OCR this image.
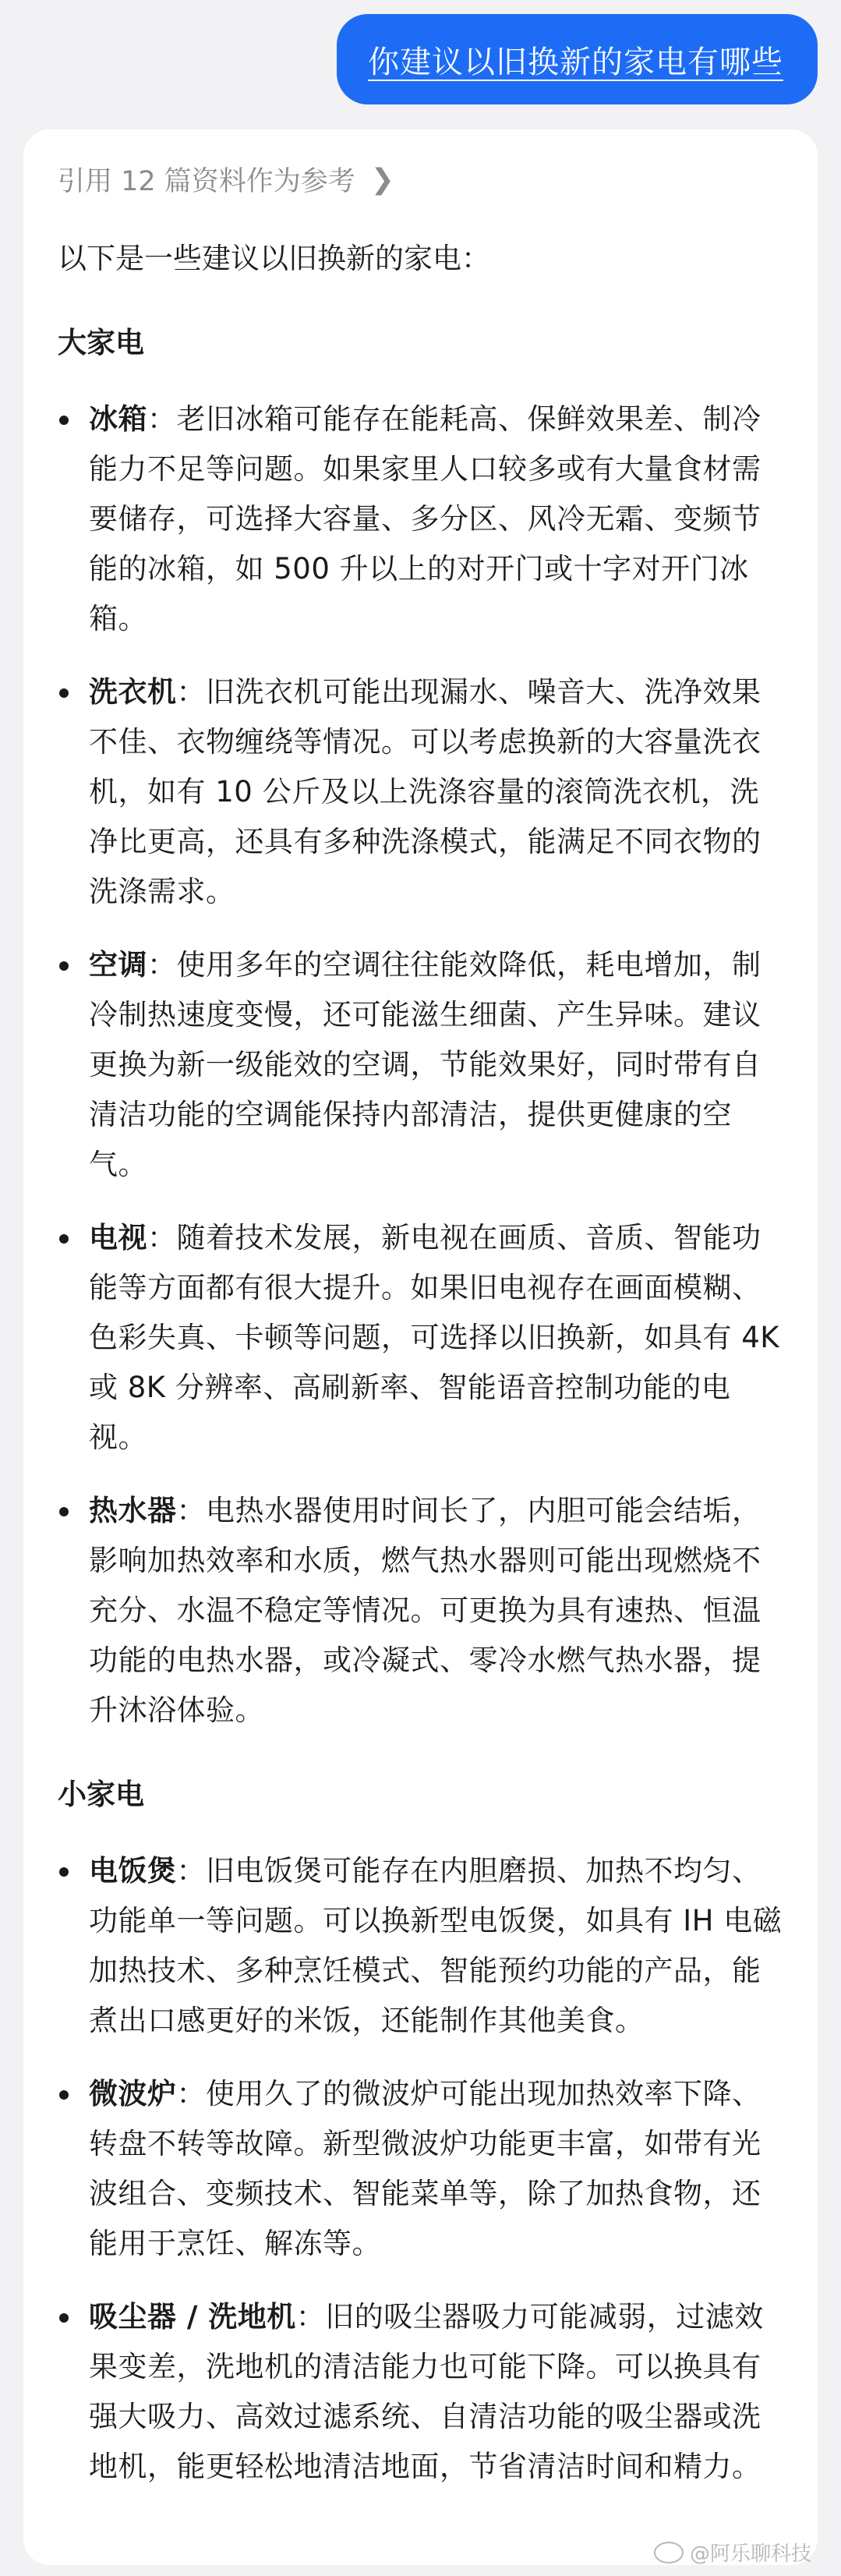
你建议以旧换新的家电有哪些
引用 12 篇资料作为参考 ❯
以下是一些建议以旧换新的家电：
大家电
冰箱：老旧冰箱可能存在能耗高、保鲜效果差、制冷能力不足等问题。如果家里人口较多或有大量食材需要储存，可选择大容量、多分区、风冷无霜、变频节能的冰箱，如 500 升以上的对开门或十字对开门冰箱。
洗衣机：旧洗衣机可能出现漏水、噪音大、洗净效果不佳、衣物缠绕等情况。可以考虑换新的大容量洗衣机，如有 10 公斤及以上洗涤容量的滚筒洗衣机，洗净比更高，还具有多种洗涤模式，能满足不同衣物的洗涤需求。
空调：使用多年的空调往往能效降低，耗电增加，制冷制热速度变慢，还可能滋生细菌、产生异味。建议更换为新一级能效的空调，节能效果好，同时带有自清洁功能的空调能保持内部清洁，提供更健康的空气。
电视：随着技术发展，新电视在画质、音质、智能功能等方面都有很大提升。如果旧电视存在画面模糊、色彩失真、卡顿等问题，可选择以旧换新，如具有 4K 或 8K 分辨率、高刷新率、智能语音控制功能的电视。
热水器：电热水器使用时间长了，内胆可能会结垢，影响加热效率和水质，燃气热水器则可能出现燃烧不充分、水温不稳定等情况。可更换为具有速热、恒温功能的电热水器，或冷凝式、零冷水燃气热水器，提升沐浴体验。
小家电
电饭煲：旧电饭煲可能存在内胆磨损、加热不均匀、功能单一等问题。可以换新型电饭煲，如具有 IH 电磁加热技术、多种烹饪模式、智能预约功能的产品，能煮出口感更好的米饭，还能制作其他美食。
微波炉：使用久了的微波炉可能出现加热效率下降、转盘不转等故障。新型微波炉功能更丰富，如带有光波组合、变频技术、智能菜单等，除了加热食物，还能用于烹饪、解冻等。
吸尘器 / 洗地机：旧的吸尘器吸力可能减弱，过滤效果变差，洗地机的清洁能力也可能下降。可以换具有强大吸力、高效过滤系统、自清洁功能的吸尘器或洗地机，能更轻松地清洁地面，节省清洁时间和精力。
@阿乐聊科技
